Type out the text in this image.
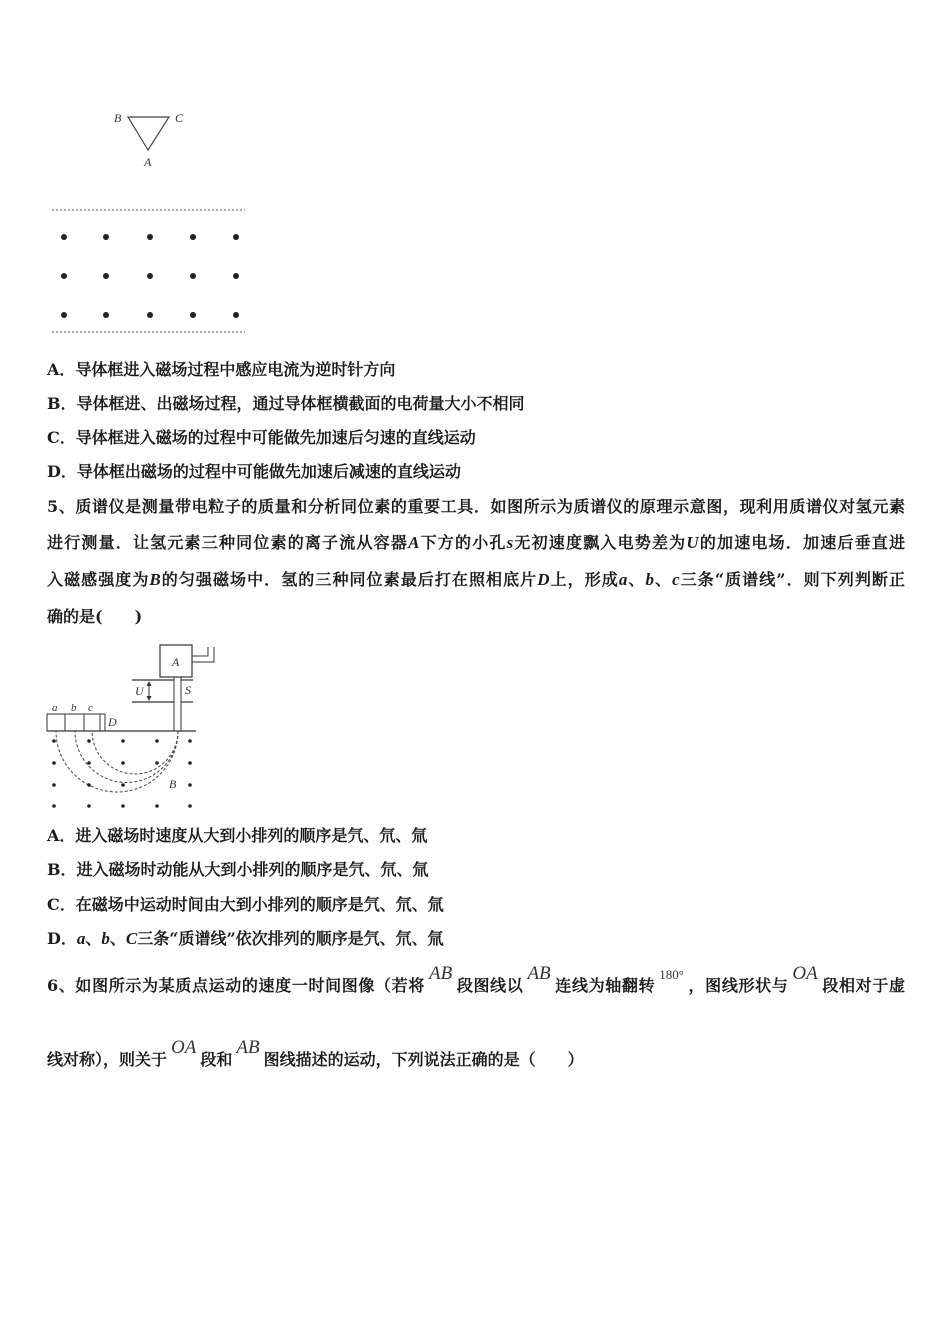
B	C
A
A．导体框进入磁场过程中感应电流为逆时针方向
B．导体框进、出磁场过程，通过导体框横截面的电荷量大小不相同
C．导体框进入磁场的过程中可能做先加速后匀速的直线运动
D．导体框出磁场的过程中可能做先加速后减速的直线运动
5、质谱仪是测量带电粒子的质量和分析同位素的重要工具．如图所示为质谱仪的原理示意图，现利用质谱仪对氢元素
进行测量．让氢元素三种同位素的离子流从容器A下方的小孔s无初速度飘入电势差为U的加速电场．加速后垂直进
入磁感强度为B的匀强磁场中．氢的三种同位素最后打在照相底片D上，形成a、b、c三条“质谱线”．则下列判断正
确的是(　　)
A
U	S
a b c
D
B
A．进入磁场时速度从大到小排列的顺序是氕、氘、氚
B．进入磁场时动能从大到小排列的顺序是氕、氘、氚
C．在磁场中运动时间由大到小排列的顺序是氕、氘、氚
D．a、b、C三条“质谱线”依次排列的顺序是氕、氘、氚
6、如图所示为某质点运动的速度一时间图像（若将AB段图线以AB连线为轴翻转$^{180^\circ}$，图线形状与OA段相对于虚
线对称），则关于OA段和AB图线描述的运动，下列说法正确的是（　　）
